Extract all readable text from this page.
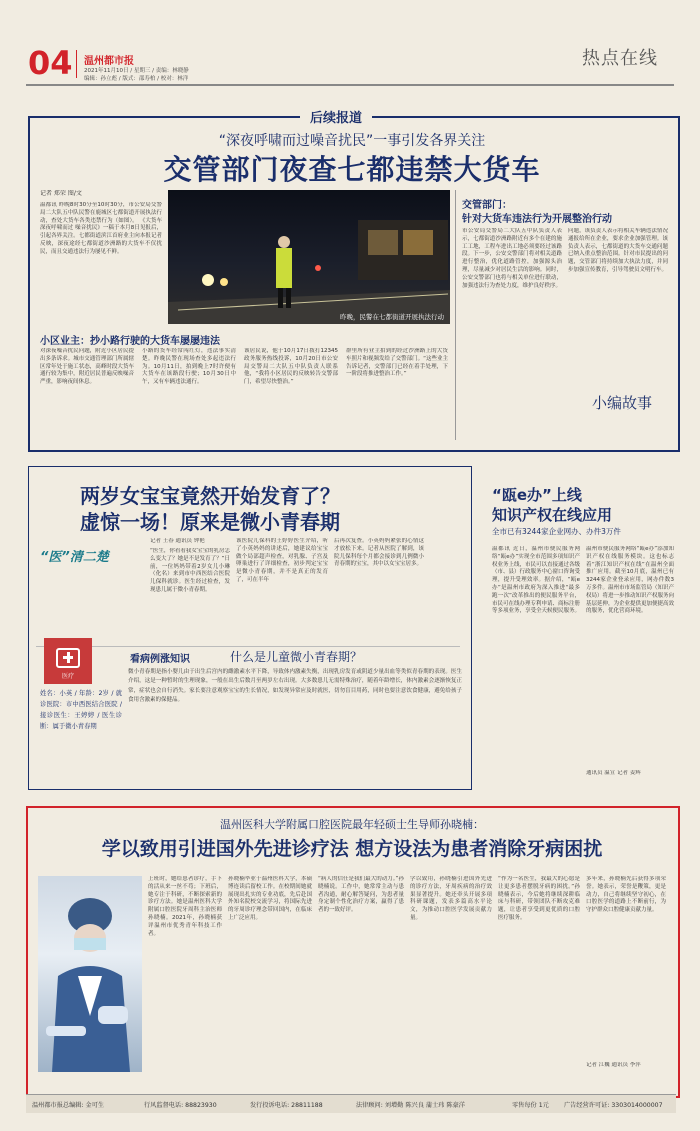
04 温州都市报
2021年11月10日 / 星期三 / 责编：林晓静
编辑：孙立彪 / 版式：邵寿柏 / 校对：林洋
热点在线
后续报道
“深夜呼啸而过噪音扰民”一事引发各界关注
交管部门夜查七都违禁大货车
记者 郑荣 图/文
温都讯 昨晚8时30分至10时30分，市公安局交警局二大队五中队民警在鹿城区七都街道开展执法行动，查处大货车各类违禁行为（如图）。 《大货车深夜呼啸而过 噪音扰民》一稿于本月8日见报后，引起各界关注。七都街道滨江首府业主向本报记者反映，深夜途经七都街道沙洲路的大货车不仅扰民，而且交通违法行为屡见不鲜。
昨晚，民警在七都街道开展执法行动
小区业主：抄小路行驶的大货车屡屡违法
对深夜噪音扰民问题，附近小区居民提出多条诉求。城市交通管理部门所属辖区常年处于施工状态，高峰时段大货车通行较为集中，附近居民普遍反映噪音严重，影响夜间休息。
小路的货车经常闯红灯，违法事实清楚。昨晚民警在现场查处多起违法行为。10月11日，拍到晚上7时许便有大货车在该路段行驶；10月30日中午，又有车辆违法通行。
该居民说，他于10月17日拨打12345政务服务热线投诉，10月20日市公安局交警局二大队五中队负责人联系他，“我将小区居民的反映转告交警部门，希望尽快整治。”
群里所有业主拍到的经过沙洲路上的大货车照片和视频发给了交警部门。“这些业主告诉记者，交警部门已经在着手处理，下一阶段将推进整治工作。”
交管部门：
针对大货车违法行为开展整治行动
市公安局交警局二大队五中队负责人表示，七都街道沙洲路附近有多个在建的施工工地，工程车进出工地必须要经过该路段。下一步，公安交警部门将对相关道路进行整治，优化道路管控，加强源头治理，尽量减少对居民生活的影响。同时，公安交警部门也将与相关单位进行联动，加强违法行为查处力度，维护良好秩序。
问题，该负责人表示将相关车辆违法情况通报给所在企业，要求企业加强管理。该负责人表示，七都街道的大货车交通问题已纳入重点整治范围。针对市民提出的问题，交管部门将持续加大执法力度，并同步加强宣传教育，引导驾驶员文明行车。
小编故事
两岁女宝宝竟然开始发育了？
虚惊一场！原来是微小青春期
“医”清二楚
记者 王春 通讯员 钟艳
“医生，你看看我女宝宝的乳房怎么变大了？她是不是发育了？”日前，一位妈妈带着2岁女儿小琳（化名）来到市中西医结合医院儿保科就诊。医生经过检查，发现患儿属于微小青春期。
该医院儿保科的王婷婷医生介绍，听了小英妈妈的讲述后，她建议给宝宝做个局部超声检查，对乳腺、子宫及卵巢进行了详细检查，初步判定宝宝是微小青春期，并不是真正的发育了，可在半年
后再次复查。小英妈妈紧张的心情这才放松下来。记者从医院了解到，该院儿保科每个月都会接诊到几例微小青春期的宝宝，其中以女宝宝居多。
看病例涨知识	什么是儿童微小青春期？
医疗
姓名：小英 / 年龄：2岁 / 就诊医院：市中西医结合医院 / 接诊医生：王婷婷 / 医生诊断：属于微小青春期
微小青春期是指小婴儿由于出生后宫内的雌激素水平下降，导致体内激素失衡，出现乳房发育或阴道少量出血等类似青春期的表现。医生介绍，这是一种暂时的生理现象，一般在出生后数月至两岁左右出现。大多数患儿无需特殊治疗，随着年龄增长，体内激素会逐渐恢复正常，症状也会自行消失。家长要注意观察宝宝的生长情况，如发现异常应及时就医，切勿盲目用药，同时也要注意饮食健康，避免给孩子食用含激素的保健品。
“瓯e办”上线
知识产权在线应用
全市已有3244家企业网办、办件3万件
温都讯 近日，温州市便民服务网络“瓯e办”实现全市范围多项知识产权业务上线，市民可以直接通过各级（市、县）行政服务中心窗口咨询受理，提升受理效率。据介绍，“瓯e办”是温州市政府为深入推进“最多跑一次”改革推出的便民服务平台，市民可在线办理专利申请、商标注册等多项业务，享受全天候便民服务。
温州市便民服务网络“瓯e办”添加知识产权在线服务模块。这也标志着“浙江知识产权在线”在温州全面推广应用。截至10月底，温州已有3244家企业登录应用，网办件数3万多件。温州市市场监管局（知识产权局）将进一步推动知识产权服务向基层延伸，为企业提供更加便捷高效的服务，优化营商环境。
通讯员 温宣 记者 姜辉
温州医科大学附属口腔医院最年轻硕士生导师孙晓楠：
学以致用引进国外先进诊疗法 想方设法为患者消除牙病困扰
上班时，她给患者诊疗，手下的活从来一丝不苟；下班后，她专注于科研，不断探索新的诊疗方法。她是温州医科大学附属口腔医院牙周科主治医师孙晓楠。2021年，孙晓楠获评温州市优秀青年科技工作者。
孙晓楠毕业于温州医科大学，本硕博连读后留校工作。在校期间她就展现出扎实的专业功底，先后赴国外知名院校交流学习，将国际先进的牙周诊疗理念带回国内，在临床上广泛应用。
“病人的信任是我们最大的动力。”孙晓楠说。工作中，她常常主动与患者沟通，耐心解答疑问，为患者量身定制个性化治疗方案，赢得了患者的一致好评。
学以致用，孙晓楠引进国外先进的诊疗方法，牙周疾病的治疗效果显著提升。她还牵头开展多项科研课题，发表多篇高水平论文，为推动口腔医学发展贡献力量。
“作为一名医生，我最大的心愿是让更多患者摆脱牙病的困扰。”孙晓楠表示，今后她将继续深耕临床与科研，带领团队不断攻克难题，让患者享受到更优质的口腔医疗服务。
多年来，孙晓楠先后获得多项荣誉。她表示，荣誉是鞭策，更是动力，自己将继续坚守初心，在口腔医学的道路上不断前行，为守护群众口腔健康贡献力量。
记者 江巍 通讯员 李萍
温州都市报总编辑: 金可生	行风监督电话: 88823930	发行投诉电话: 28811188	法律顾问: 刘增勤 陈兴良 蒲士玮 陈豪洋	零售每份 1元 广告经营许可证: 3303014000007
